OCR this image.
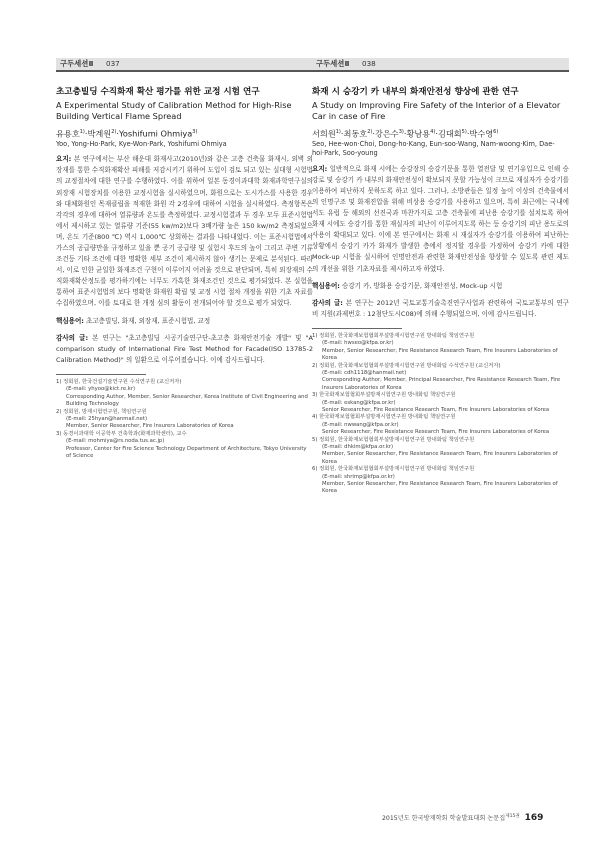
구두세션Ⅱ 037
초고층빌딩 수직화재 확산 평가를 위한 교정 시험 연구
A Experimental Study of Calibration Method for High-Rise Building Vertical Flame Spread
유용호$^{1)}$·박계원$^{2)}$·Yoshifumi Ohmiya$^{3)}$
Yoo, Yong-Ho·Park, Kye-Won·Park, Yoshifumi Ohmiya

요지: 본 연구에서는 부산 해운대 화재사고(2010년)와 같은 고층 건축물 화재시, 외벽 외장재를 통한 수직화재확산 피해를 저감시키기 위하여 도입이 검토 되고 있는 실대형 시험법의 교정절차에 대한 연구를 수행하였다. 이를 위하여 일본 동경이과대학 화재과학연구실의 외장재 시험장치를 이용한 교정시험을 실시하였으며, 화원으로는 도시가스를 사용한 경우와 대체화원인 목재클립을 적재한 화원 각 2경우에 대하여 시험을 실시하였다. 측정항목은 각각의 경우에 대하여 열류량과 온도를 측정하였다. 교정시험결과 두 경우 모두 표준시험법에서 제시하고 있는 열류량 기준(55 kw/m2)보다 3배가량 높은 150 kw/m2 측정되었으며, 온도 기준(800 ℃) 역시 1,000℃ 상회하는 결과를 나타내었다. 이는 표준시험법에서 가스의 공급량만을 규정하고 있을 뿐 공기 공급량 및 실험시 후드의 높이 그리고 주변 기류 조건등 기타 조건에 대한 명확한 세부 조건이 제시하지 않아 생기는 문제로 분석된다. 따라서, 이로 인한 균일한 화재조건 구현이 이루어지 어려울 것으로 판단되며, 특히 외장재의 수직화재확산정도를 평가하기에는 너무도 가혹한 화재조건인 것으로 평가되었다. 본 실험을 통하여 표준시험법의 보다 명확한 화재원 확립 및 교정 시험 절차 개정을 위한 기초 자료를 수집하였으며, 이를 토대로 한 개정 심의 활동이 전개되어야 할 것으로 평가 되었다.

핵심용어: 초고층빌딩, 화재, 외장재, 표준시험법, 교정

감사의 글: 본 연구는 "초고층빌딩 시공기술연구단-초고층 화재안전기술 개발" 및 "A comparison study of International Fire Test Method for Facade(ISO 13785-2 Calibration Method)" 의 일환으로 이루어졌습니다. 이에 감사드립니다.

1) 정회원, 한국건설기술연구원 수석연구원 (교신저자)
(E-mail: yhyoo@kict.re.kr)
Corresponding Author, Member, Senior Researcher, Korea Institute of Civil Engineering and Building Technology
2) 정회원, 방재시험연구원, 책임연구원
(E-mail: 25hyan@hanmail.net)
Member, Senior Researcher, Fire Insurers Laboratories of Korea
3) 동경이과대학 이공학부 건축학과(화재과학센터), 교수
(E-mail: mohmiya@rs.noda.tus.ac.jp)
Professor, Center for Fire Science Technology Department of Architecture, Tokyo University of Science
구두세션Ⅱ 038
화재 시 승강기 카 내부의 화재안전성 향상에 관한 연구
A Study on Improving Fire Safety of the Interior of a Elevator Car in case of Fire
서희원$^{1)}$·최동호$^{2)}$·강은수$^{3)}$·황남용$^{4)}$·김대회$^{5)}$·박수영$^{6)}$
Seo, Hee-won·Choi, Dong-ho·Kang, Eun-soo·Wang, Nam-woong·Kim, Dae-hoi·Park, Soo-young

요지: 일반적으로 화재 시에는 승강장의 승강기문을 통한 열전달 및 연기유입으로 인해 승강로 및 승강기 카 내부의 화재안전성이 확보되지 못할 가능성이 크므로 재실자가 승강기를 이용하여 피난하지 못하도록 하고 있다. 그러나, 소방관들은 일정 높이 이상의 건축물에서의 인명구조 및 화재진압을 위해 비상용 승강기를 사용하고 있으며, 특히 최근에는 국내에서도 유럽 등 해외의 선진국과 마찬가지로 고층 건축물에 피난용 승강기를 설치토록 하여 화재 시에도 승강기를 통한 재실자의 피난이 이루어지도록 하는 등 승강기의 피난 용도로의 사용이 확대되고 있다. 이에 본 연구에서는 화재 시 재실자가 승강기를 이용하여 피난하는 상황에서 승강기 카가 화재가 발생한 층에서 정지할 경우를 가정하여 승강기 카에 대한 Mock-up 시험을 실시하여 인명안전과 관련한 화재안전성을 향상할 수 있도록 관련 제도의 개선을 위한 기초자료를 제시하고자 하였다.

핵심용어: 승강기 카, 방화용 승강기문, 화재안전성, Mock-up 시험

감사의 글: 본 연구는 2012년 국토교통기술촉진연구사업과 관련하여 국토교통부의 연구비 지원(과제번호 : 12첨단도시C08)에 의해 수행되었으며, 이에 감사드립니다.

1) 정회원, 한국화재보험협회부설방재시험연구원 방내화팀 책임연구원
(E-mail: hwseo@kfpa.or.kr)
Member, Senior Researcher, Fire Resistance Research Team, Fire Insurers Laboratories of Korea
2) 정회원, 한국화재보험협회부설방재시험연구원 방내화팀 수석연구원 (교신저자)
(E-mail: cdh1118@hanmail.net)
Corresponding Author, Member, Principal Researcher, Fire Resistance Research Team, Fire Insurers Laboratories of Korea
3) 한국화재보험협회부설방재시험연구원 방내화팀 책임연구원
(E-mail: eskang@kfpa.or.kr)
Senior Researcher, Fire Resistance Research Team, Fire Insurers Laboratories of Korea
4) 한국화재보험협회부설방재시험연구원 방내화팀 책임연구원
(E-mail: nwwang@kfpa.or.kr)
Senior Researcher, Fire Resistance Research Team, Fire Insurers Laboratories of Korea
5) 정회원, 한국화재보험협회부설방재시험연구원 방내화팀 책임연구원
(E-mail: dhkim@kfpa.or.kr)
Member, Senior Researcher, Fire Resistance Research Team, Fire Insurers Laboratories of Korea
6) 정회원, 한국화재보험협회부설방재시험연구원 방내화팀 책임연구원
(E-mail: shrimp@kfpa.or.kr)
Member, Senior Researcher, Fire Resistance Research Team, Fire Insurers Laboratories of Korea
2015년도 한국방재학회 학술발표대회 논문집$^{제15권}$ 169
